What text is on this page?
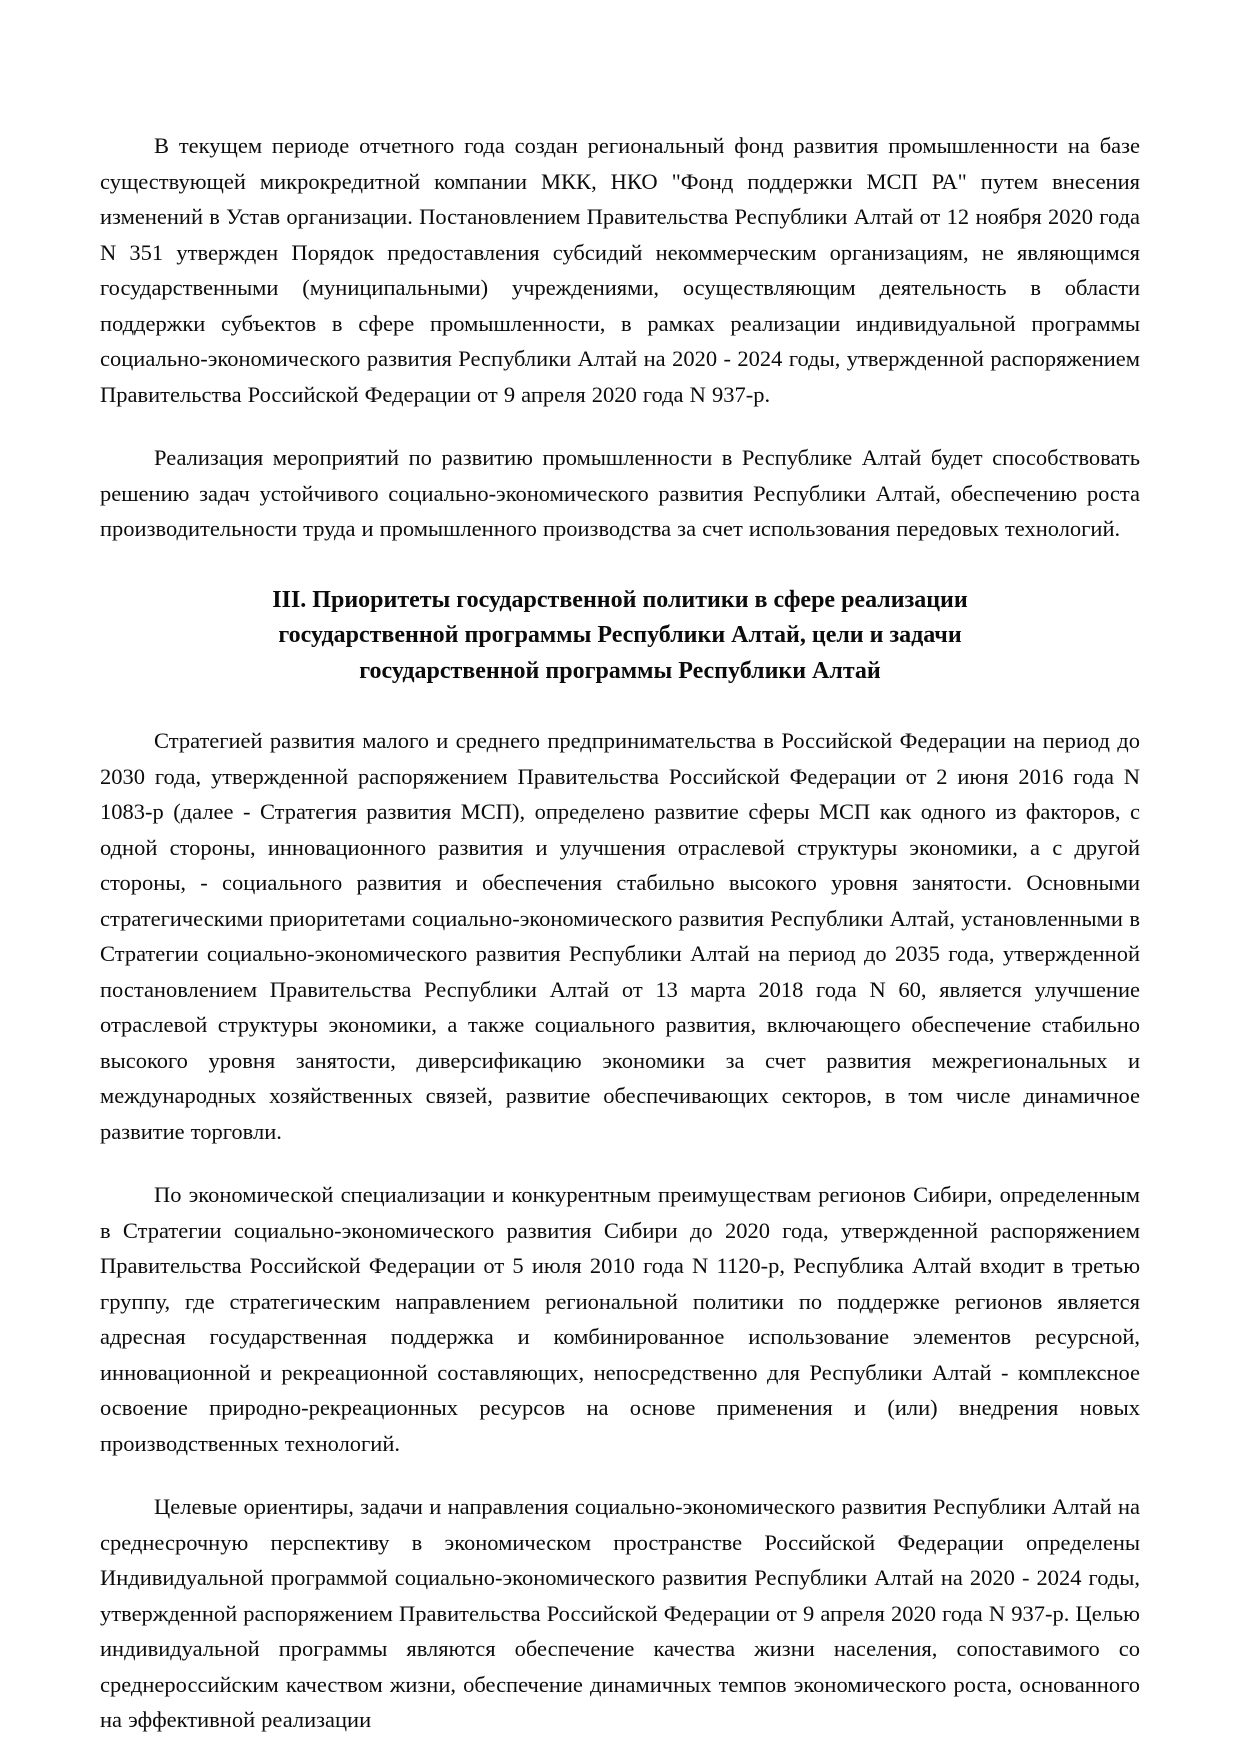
В текущем периоде отчетного года создан региональный фонд развития промышленности на базе существующей микрокредитной компании МКК, НКО "Фонд поддержки МСП РА" путем внесения изменений в Устав организации. Постановлением Правительства Республики Алтай от 12 ноября 2020 года N 351 утвержден Порядок предоставления субсидий некоммерческим организациям, не являющимся государственными (муниципальными) учреждениями, осуществляющим деятельность в области поддержки субъектов в сфере промышленности, в рамках реализации индивидуальной программы социально-экономического развития Республики Алтай на 2020 - 2024 годы, утвержденной распоряжением Правительства Российской Федерации от 9 апреля 2020 года N 937-р.

Реализация мероприятий по развитию промышленности в Республике Алтай будет способствовать решению задач устойчивого социально-экономического развития Республики Алтай, обеспечению роста производительности труда и промышленного производства за счет использования передовых технологий.

III. Приоритеты государственной политики в сфере реализации
государственной программы Республики Алтай, цели и задачи
государственной программы Республики Алтай

Стратегией развития малого и среднего предпринимательства в Российской Федерации на период до 2030 года, утвержденной распоряжением Правительства Российской Федерации от 2 июня 2016 года N 1083-р (далее - Стратегия развития МСП), определено развитие сферы МСП как одного из факторов, с одной стороны, инновационного развития и улучшения отраслевой структуры экономики, а с другой стороны, - социального развития и обеспечения стабильно высокого уровня занятости. Основными стратегическими приоритетами социально-экономического развития Республики Алтай, установленными в Стратегии социально-экономического развития Республики Алтай на период до 2035 года, утвержденной постановлением Правительства Республики Алтай от 13 марта 2018 года N 60, является улучшение отраслевой структуры экономики, а также социального развития, включающего обеспечение стабильно высокого уровня занятости, диверсификацию экономики за счет развития межрегиональных и международных хозяйственных связей, развитие обеспечивающих секторов, в том числе динамичное развитие торговли.

По экономической специализации и конкурентным преимуществам регионов Сибири, определенным в Стратегии социально-экономического развития Сибири до 2020 года, утвержденной распоряжением Правительства Российской Федерации от 5 июля 2010 года N 1120-р, Республика Алтай входит в третью группу, где стратегическим направлением региональной политики по поддержке регионов является адресная государственная поддержка и комбинированное использование элементов ресурсной, инновационной и рекреационной составляющих, непосредственно для Республики Алтай - комплексное освоение природно-рекреационных ресурсов на основе применения и (или) внедрения новых производственных технологий.

Целевые ориентиры, задачи и направления социально-экономического развития Республики Алтай на среднесрочную перспективу в экономическом пространстве Российской Федерации определены Индивидуальной программой социально-экономического развития Республики Алтай на 2020 - 2024 годы, утвержденной распоряжением Правительства Российской Федерации от 9 апреля 2020 года N 937-р. Целью индивидуальной программы являются обеспечение качества жизни населения, сопоставимого со среднероссийским качеством жизни, обеспечение динамичных темпов экономического роста, основанного на эффективной реализации
